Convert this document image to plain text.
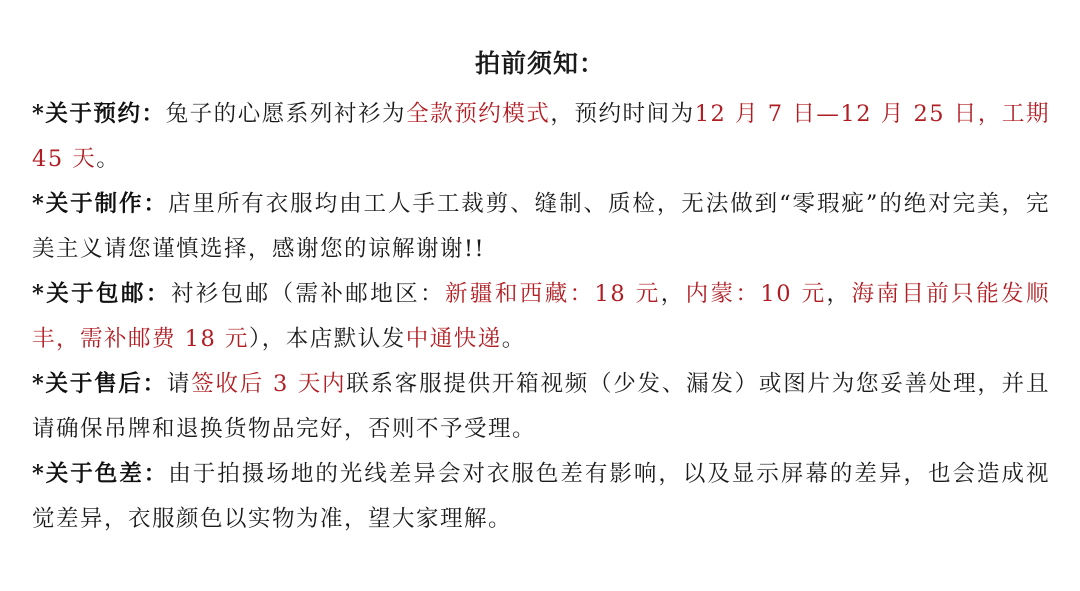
拍前须知：

*关于预约：兔子的心愿系列衬衫为全款预约模式，预约时间为12 月 7 日—12 月 25 日，工期 45 天。

*关于制作：店里所有衣服均由工人手工裁剪、缝制、质检，无法做到“零瑕疵”的绝对完美，完美主义请您谨慎选择，感谢您的谅解谢谢!!

*关于包邮：衬衫包邮（需补邮地区：新疆和西藏：18 元，内蒙：10 元，海南目前只能发顺丰，需补邮费 18 元），本店默认发中通快递。

*关于售后：请签收后 3 天内联系客服提供开箱视频（少发、漏发）或图片为您妥善处理，并且请确保吊牌和退换货物品完好，否则不予受理。

*关于色差：由于拍摄场地的光线差异会对衣服色差有影响，以及显示屏幕的差异，也会造成视觉差异，衣服颜色以实物为准，望大家理解。
